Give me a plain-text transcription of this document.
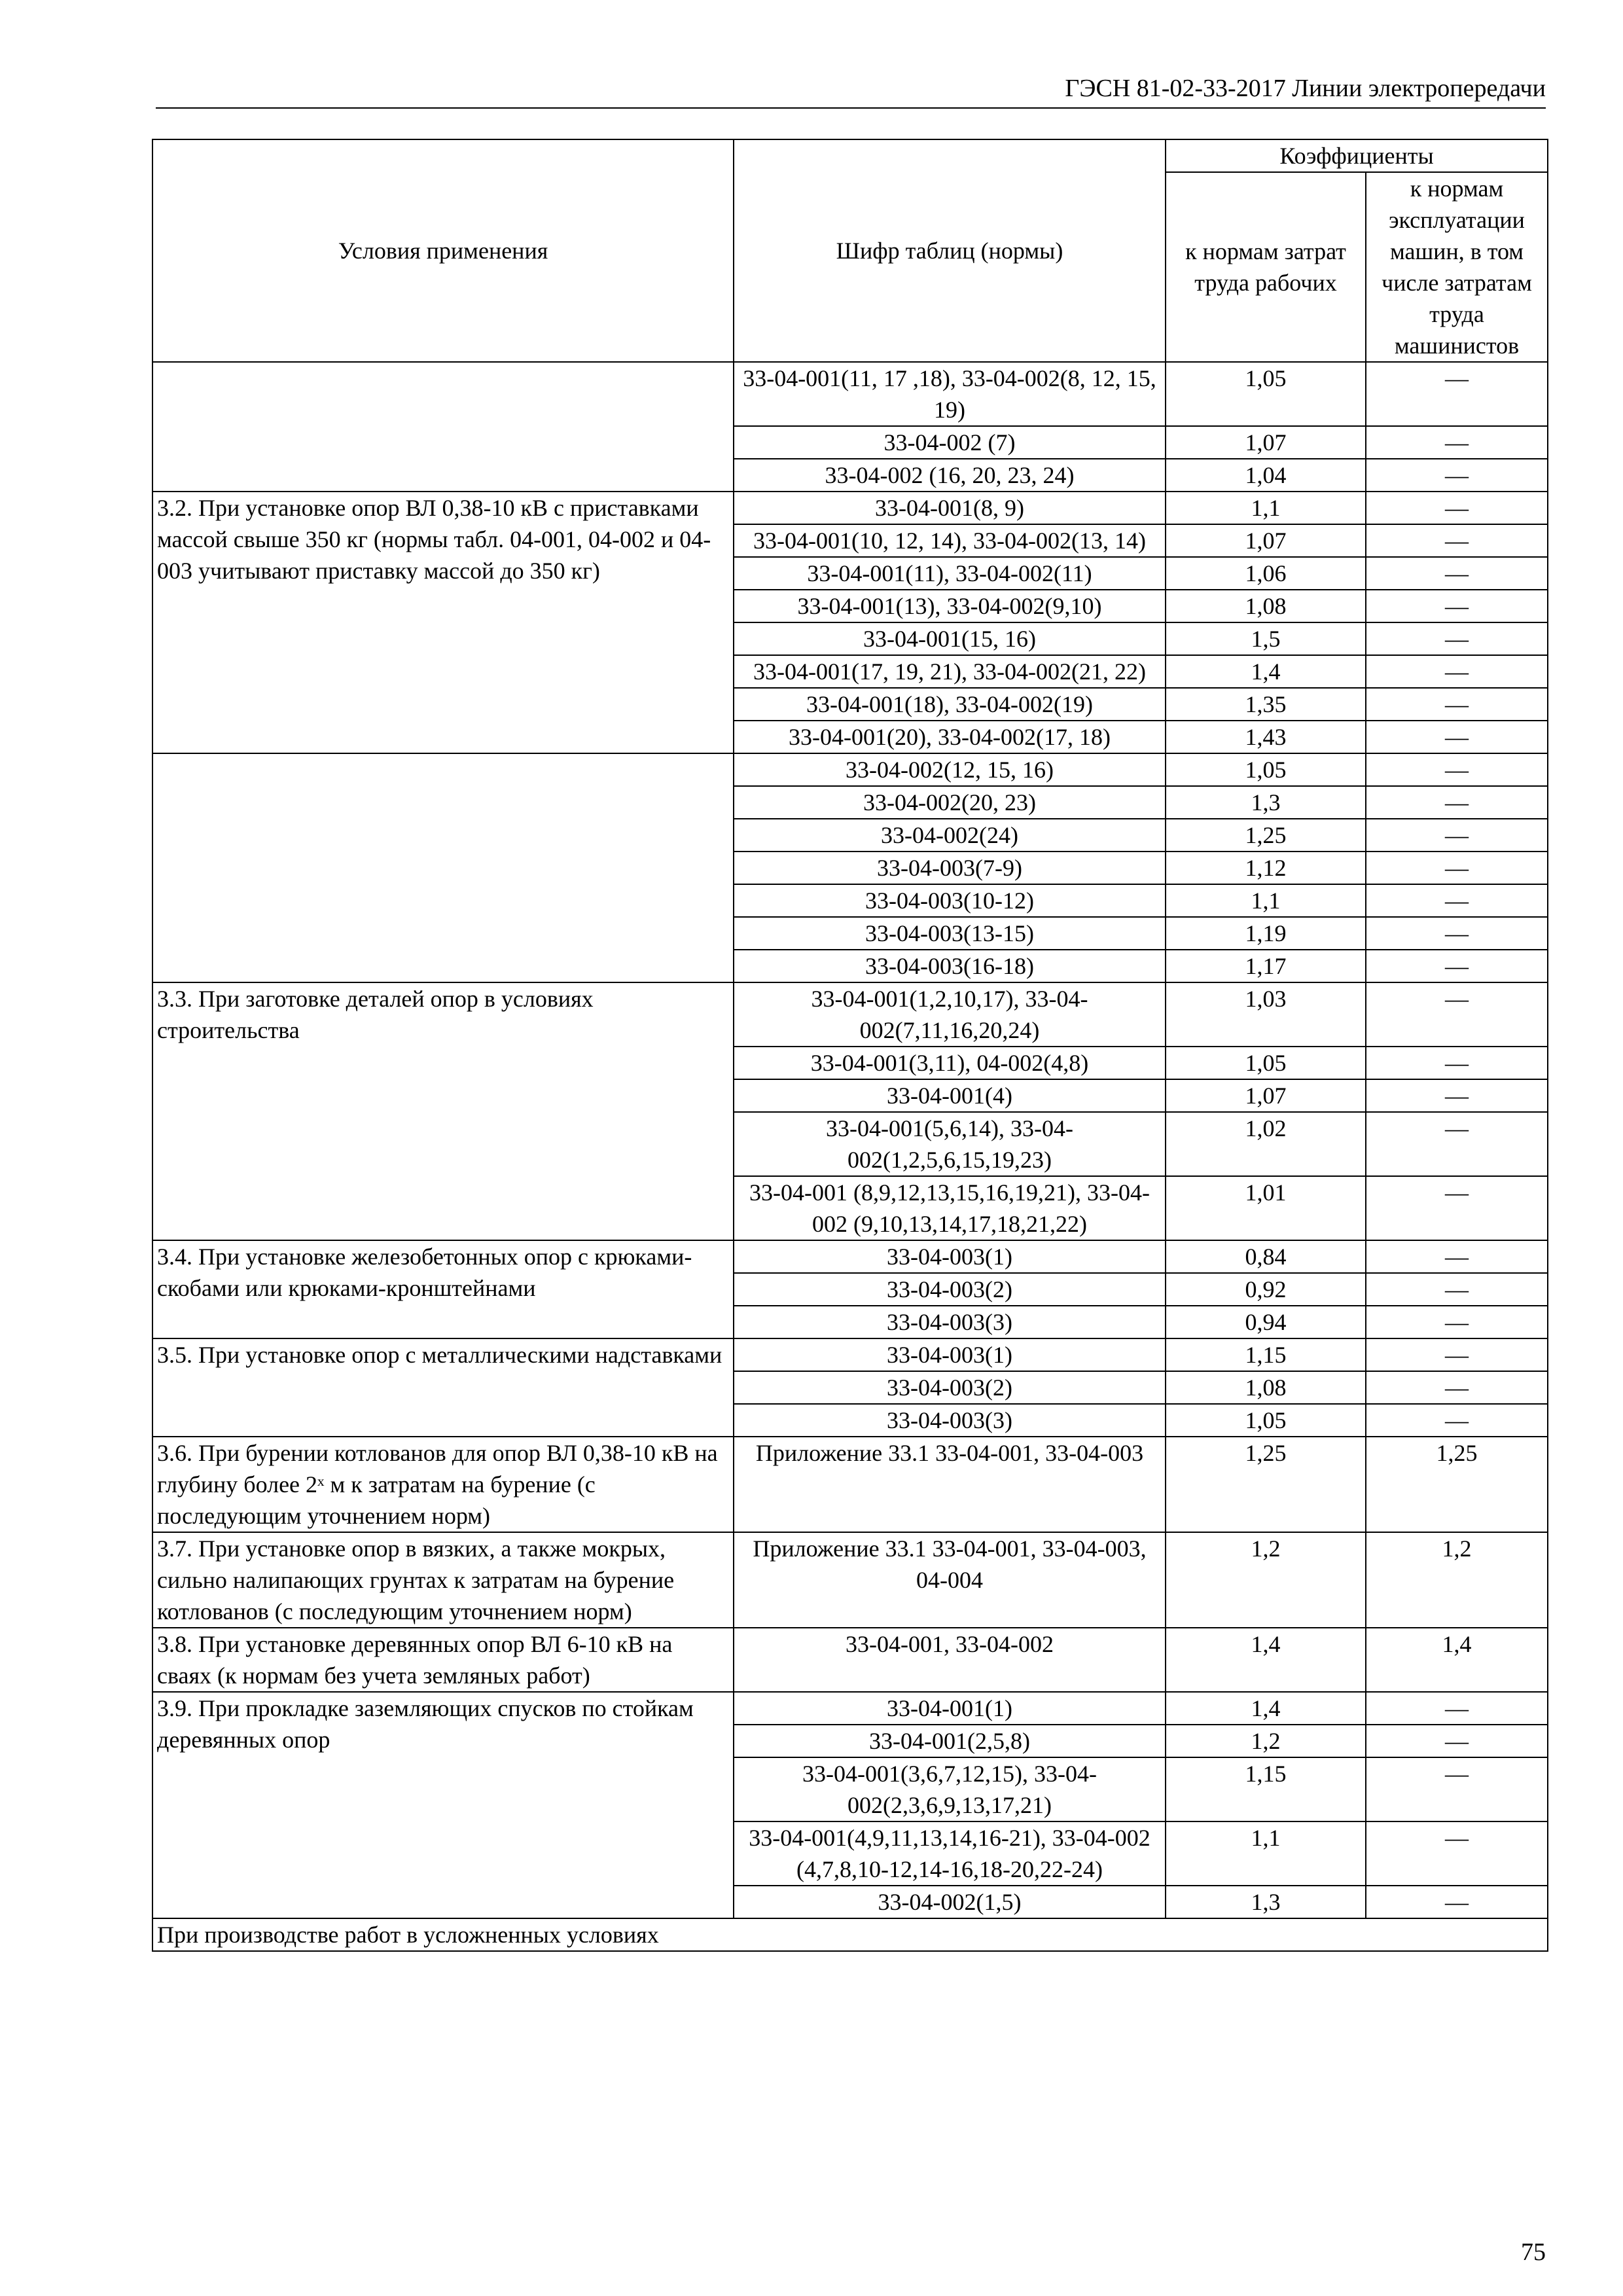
ГЭСН 81-02-33-2017 Линии электропередачи
Условия применения	Шифр таблиц (нормы)	Коэффициенты	
		к нормам затрат труда рабочих	к нормам эксплуатации машин, в том числе затратам труда машинистов
	33-04-001(11, 17 ,18), 33-04-002(8, 12, 15, 19)	1,05	—
	33-04-002 (7)	1,07	—
	33-04-002 (16, 20, 23, 24)	1,04	—
3.2. При установке опор ВЛ 0,38-10 кВ с приставками массой свыше 350 кг (нормы табл. 04-001, 04-002 и 04-003 учитывают приставку массой до 350 кг)	33-04-001(8, 9)	1,1	—
	33-04-001(10, 12, 14), 33-04-002(13, 14)	1,07	—
	33-04-001(11), 33-04-002(11)	1,06	—
	33-04-001(13), 33-04-002(9,10)	1,08	—
	33-04-001(15, 16)	1,5	—
	33-04-001(17, 19, 21), 33-04-002(21, 22)	1,4	—
	33-04-001(18), 33-04-002(19)	1,35	—
	33-04-001(20), 33-04-002(17, 18)	1,43	—
	33-04-002(12, 15, 16)	1,05	—
	33-04-002(20, 23)	1,3	—
	33-04-002(24)	1,25	—
	33-04-003(7-9)	1,12	—
	33-04-003(10-12)	1,1	—
	33-04-003(13-15)	1,19	—
	33-04-003(16-18)	1,17	—
3.3. При заготовке деталей опор в условиях строительства	33-04-001(1,2,10,17), 33-04-002(7,11,16,20,24)	1,03	—
	33-04-001(3,11), 04-002(4,8)	1,05	—
	33-04-001(4)	1,07	—
	33-04-001(5,6,14), 33-04-002(1,2,5,6,15,19,23)	1,02	—
	33-04-001 (8,9,12,13,15,16,19,21), 33-04-002 (9,10,13,14,17,18,21,22)	1,01	—
3.4. При установке железобетонных опор с крюками-скобами или крюками-кронштейнами	33-04-003(1)	0,84	—
	33-04-003(2)	0,92	—
	33-04-003(3)	0,94	—
3.5. При установке опор с металлическими надставками	33-04-003(1)	1,15	—
	33-04-003(2)	1,08	—
	33-04-003(3)	1,05	—
3.6. При бурении котлованов для опор ВЛ 0,38-10 кВ на глубину более 2ˣ м к затратам на бурение (с последующим уточнением норм)	Приложение 33.1 33-04-001, 33-04-003	1,25	1,25
3.7. При установке опор в вязких, а также мокрых, сильно налипающих грунтах к затратам на бурение котлованов (с последующим уточнением норм)	Приложение 33.1 33-04-001, 33-04-003, 04-004	1,2	1,2
3.8. При установке деревянных опор ВЛ 6-10 кВ на сваях (к нормам без учета земляных работ)	33-04-001, 33-04-002	1,4	1,4
3.9. При прокладке заземляющих спусков по стойкам деревянных опор	33-04-001(1)	1,4	—
	33-04-001(2,5,8)	1,2	—
	33-04-001(3,6,7,12,15), 33-04-002(2,3,6,9,13,17,21)	1,15	—
	33-04-001(4,9,11,13,14,16-21), 33-04-002 (4,7,8,10-12,14-16,18-20,22-24)	1,1	—
	33-04-002(1,5)	1,3	—
При производстве работ в усложненных условиях			
75
